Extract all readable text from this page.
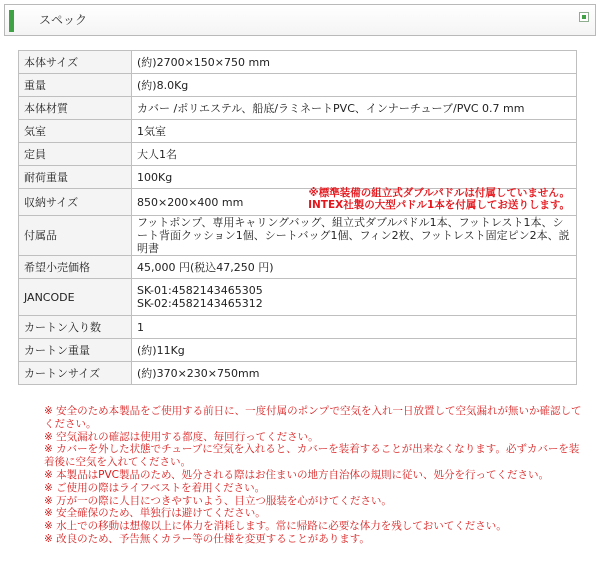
スペック
本体サイズ	(約)2700×150×750 mm
重量	(約)8.0Kg
本体材質	カバー /ポリエステル、船底/ラミネートPVC、インナーチューブ/PVC 0.7 mm
気室	1気室
定員	大人1名
耐荷重量	100Kg
収納サイズ	850×200×400 mm
※標準装備の組立式ダブルパドルは付属していません。
INTEX社製の大型パドル1本を付属してお送りします。

付属品	フットポンプ、専用キャリングバッグ、組立式ダブルパドル1本、フットレスト1本、シート背面クッション1個、シートバッグ1個、フィン2枚、フットレスト固定ピン2本、説明書
希望小売価格	45,000 円(税込47,250 円)
JANCODE	SK-01:4582143465305
SK-02:4582143465312

カートン入り数	1
カートン重量	(約)11Kg
カートンサイズ	(約)370×230×750mm

※ 安全のため本製品をご使用する前日に、一度付属のポンプで空気を入れ一日放置して空気漏れが無いか確認してください。

※ 空気漏れの確認は使用する都度、毎回行ってください。

※ カバーを外した状態でチューブに空気を入れると、カバーを装着することが出来なくなります。必ずカバーを装着後に空気を入れてください。

※ 本製品はPVC製品のため、処分される際はお住まいの地方自治体の規則に従い、処分を行ってください。

※ ご使用の際はライフベストを着用ください。

※ 万が一の際に人目につきやすいよう、目立つ服装を心がけてください。

※ 安全確保のため、単独行は避けてください。

※ 水上での移動は想像以上に体力を消耗します。常に帰路に必要な体力を残しておいてください。

※ 改良のため、予告無くカラー等の仕様を変更することがあります。
